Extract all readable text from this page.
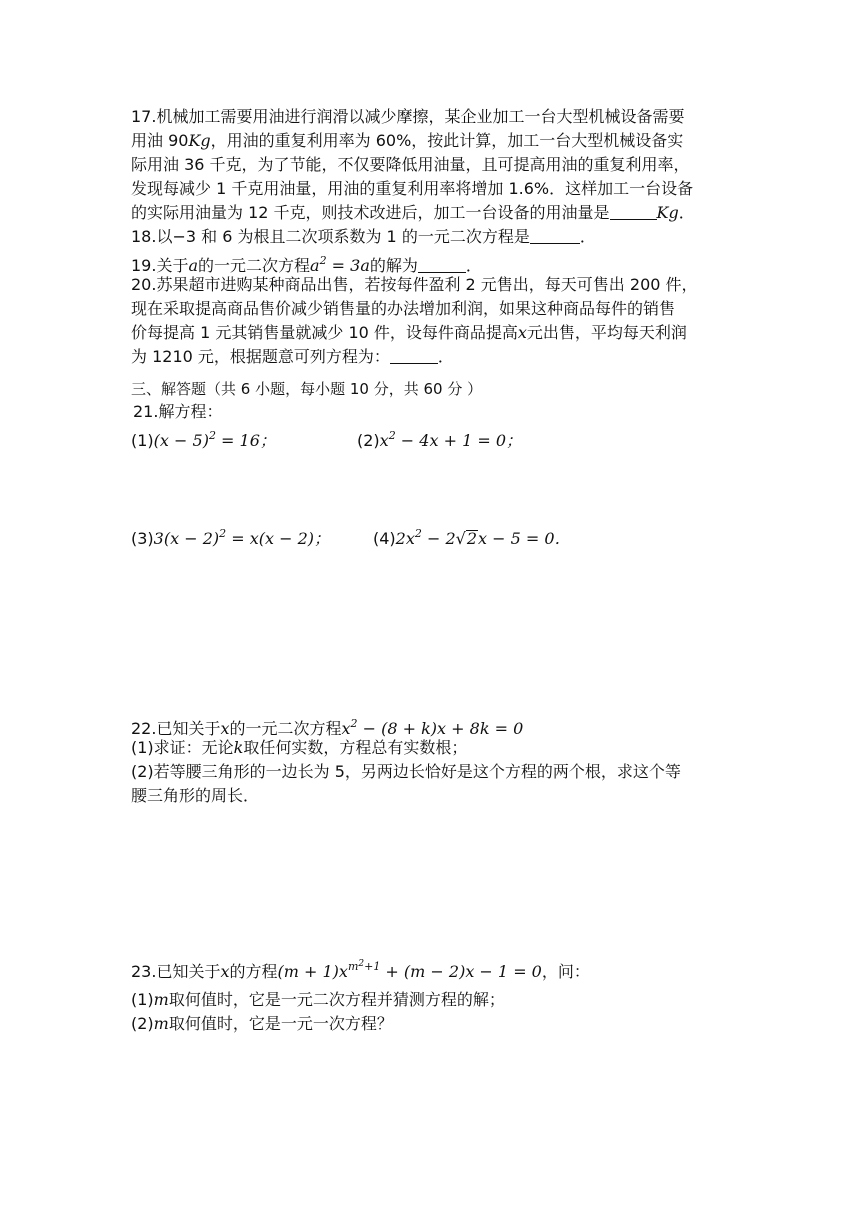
17.机械加工需要用油进行润滑以减少摩擦，某企业加工一台大型机械设备需要
用油 90Kg，用油的重复利用率为 60%，按此计算，加工一台大型机械设备实
际用油 36 千克，为了节能，不仅要降低用油量，且可提高用油的重复利用率，
发现每减少 1 千克用油量，用油的重复利用率将增加 1.6%．这样加工一台设备
的实际用油量为 12 千克，则技术改进后，加工一台设备的用油量是	Kg．
18.以−3 和 6 为根且二次项系数为 1 的一元二次方程是	．
19.关于a的一元二次方程$a^2 = 3a$的解为	．
20.苏果超市进购某种商品出售，若按每件盈利 2 元售出，每天可售出 200 件，
现在采取提高商品售价减少销售量的办法增加利润，如果这种商品每件的销售
价每提高 1 元其销售量就减少 10 件，设每件商品提高x元出售，平均每天利润
为 1210 元，根据题意可列方程为：	．
三、解答题（共 6 小题，每小题 10 分，共 60 分 ）
21.解方程：
$(1)(x - 5)^2 = 16$；	$(2)x^2 - 4x + 1 = 0$；
$(3)3(x - 2)^2 = x(x - 2)$；	$(4)2x^2 - 2√2x - 5 = 0$．
22.已知关于x的一元二次方程$x^2 - (8 + k)x + 8k = 0$
(1)求证：无论k取任何实数，方程总有实数根；
(2)若等腰三角形的一边长为 5，另两边长恰好是这个方程的两个根，求这个等
腰三角形的周长．
23.已知关于x的方程$(m + 1)x^{m^2+1} + (m - 2)x - 1 = 0$，问：
(1)m取何值时，它是一元二次方程并猜测方程的解；
(2)m取何值时，它是一元一次方程？
